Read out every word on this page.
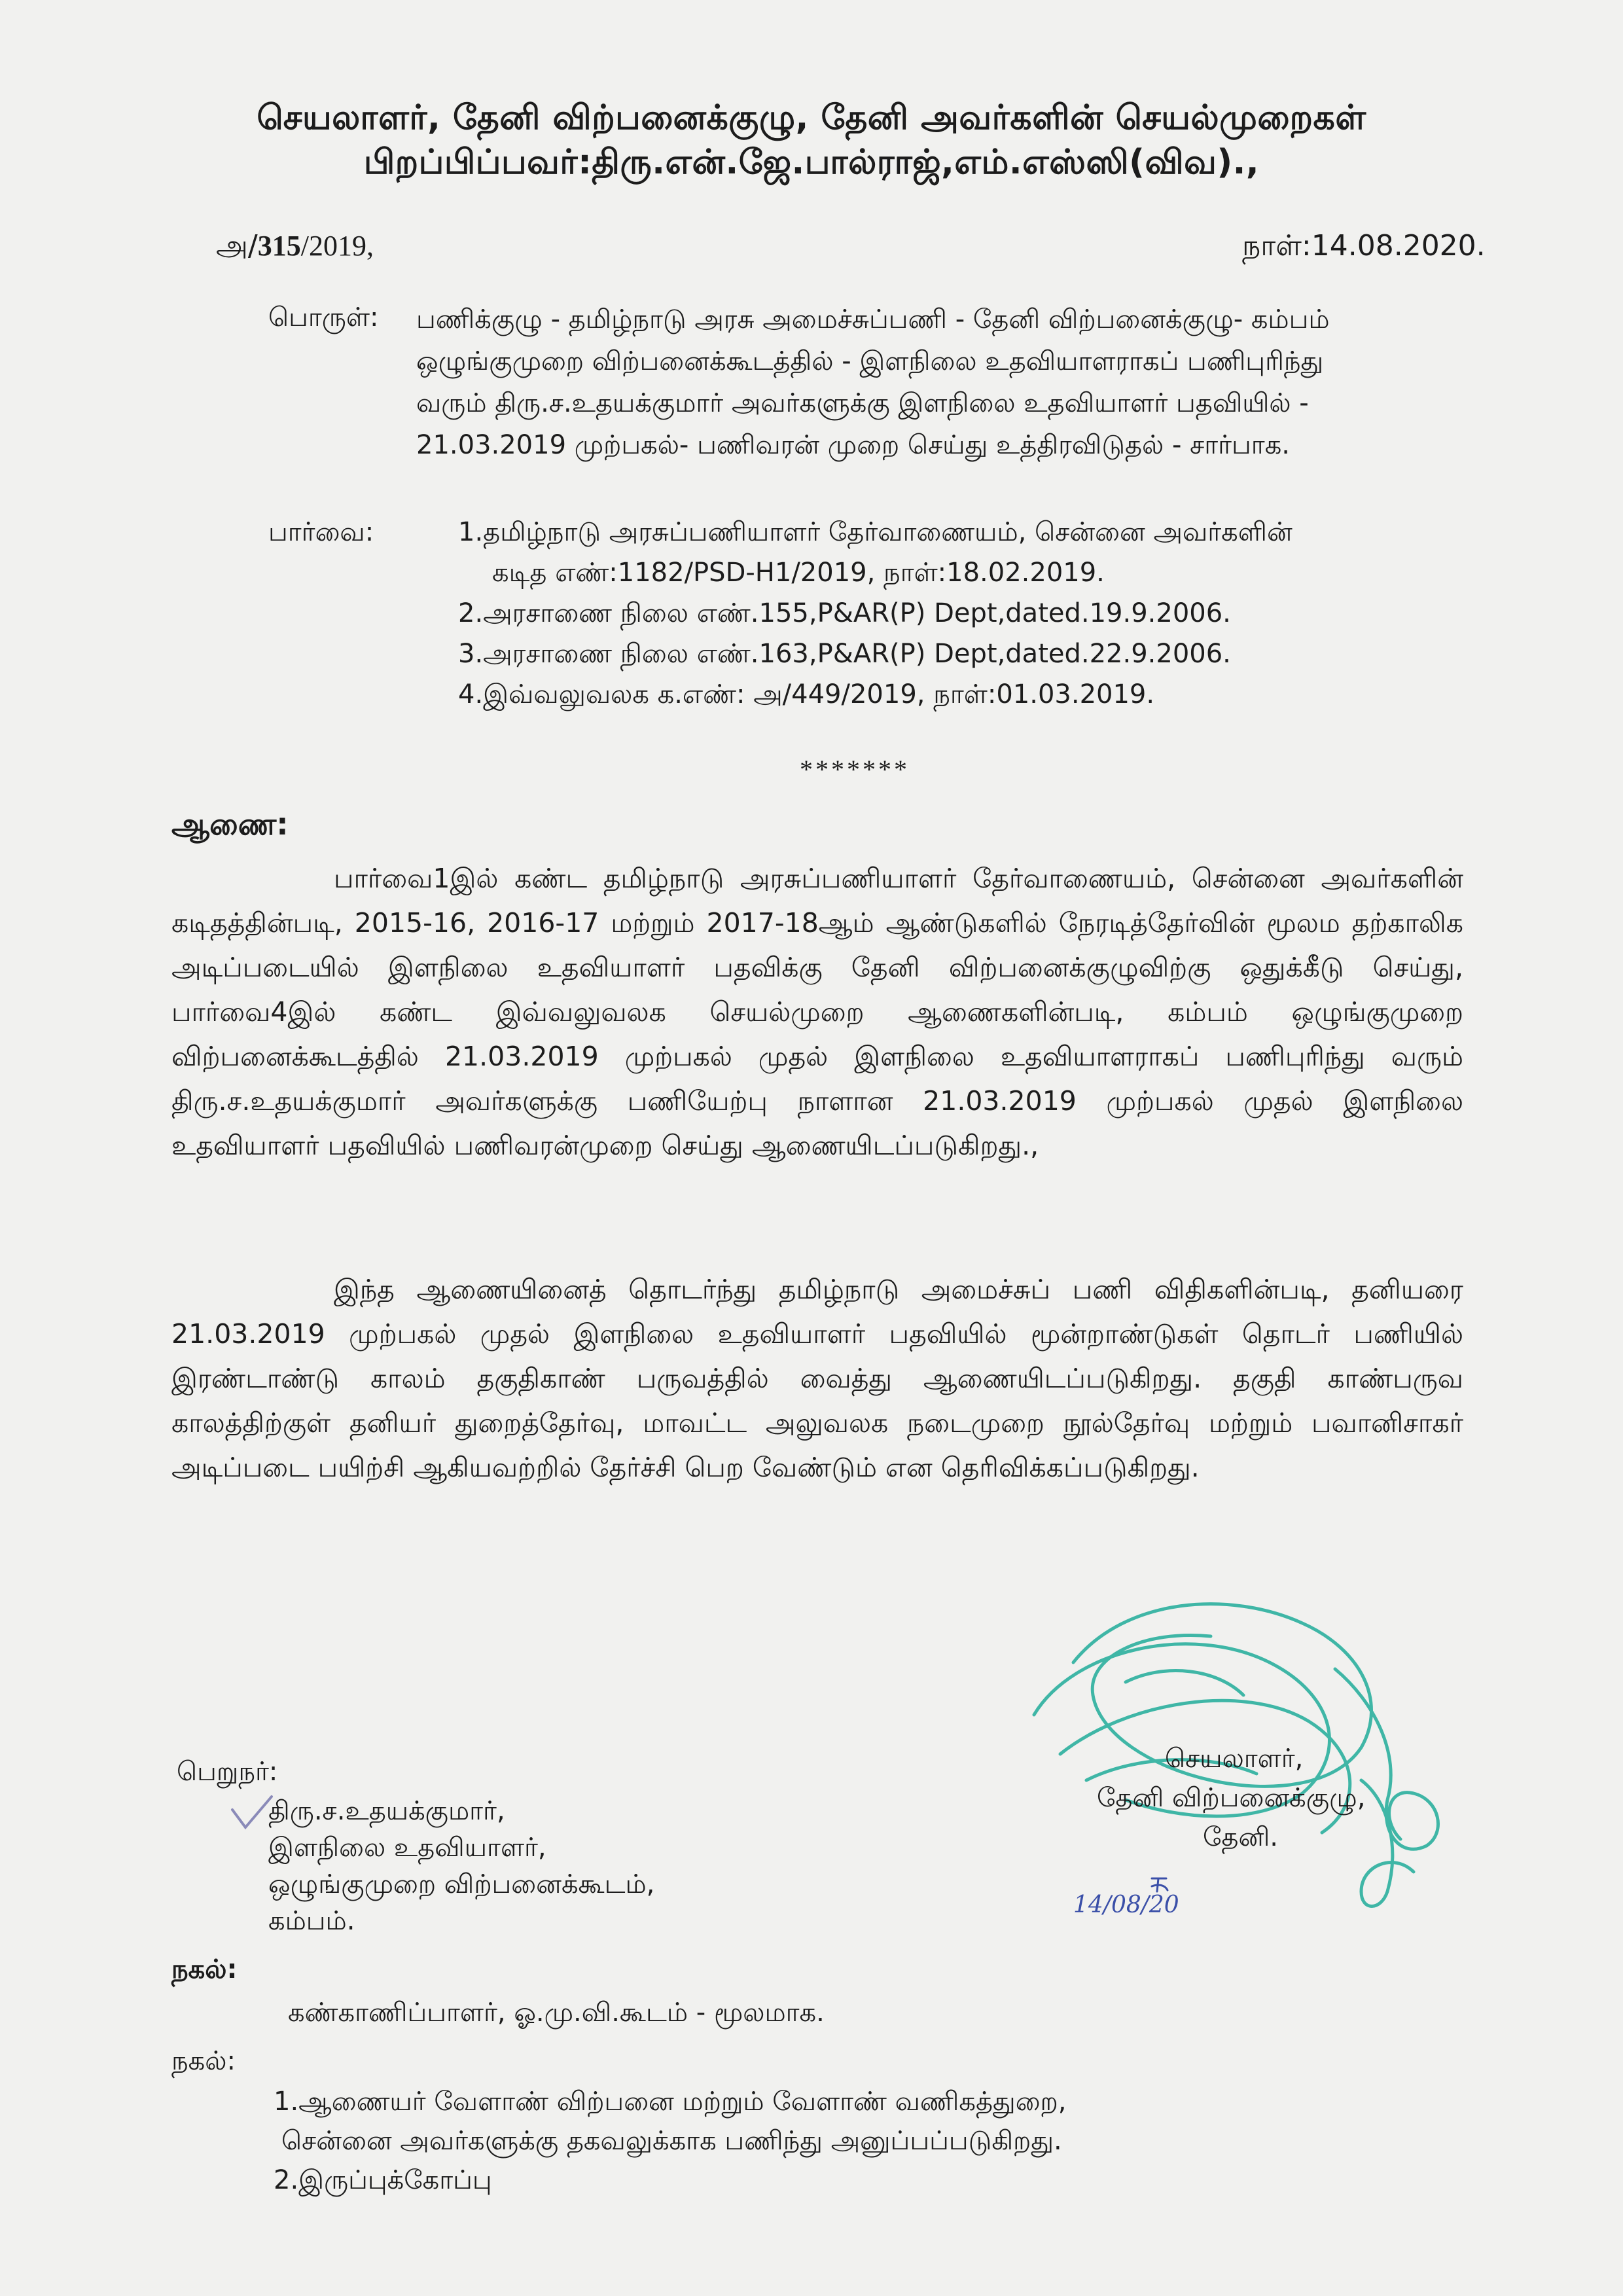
செயலாளர், தேனி விற்பனைக்குழு, தேனி அவர்களின் செயல்முறைகள்
பிறப்பிப்பவர்:திரு.என்.ஜே.பால்ராஜ்,எம்.எஸ்ஸி(விவ).,
அ/315/2019,	நாள்:14.08.2020.
பொருள்: பணிக்குழு - தமிழ்நாடு அரசு அமைச்சுப்பணி - தேனி விற்பனைக்குழு- கம்பம்
ஒழுங்குமுறை விற்பனைக்கூடத்தில் - இளநிலை உதவியாளராகப் பணிபுரிந்து
வரும் திரு.ச.உதயக்குமார் அவர்களுக்கு இளநிலை உதவியாளர் பதவியில் -
21.03.2019 முற்பகல்- பணிவரன் முறை செய்து உத்திரவிடுதல் - சார்பாக.
பார்வை:	1.தமிழ்நாடு அரசுப்பணியாளர் தேர்வாணையம், சென்னை அவர்களின்
கடித எண்:1182/PSD-H1/2019, நாள்:18.02.2019.
2.அரசாணை நிலை எண்.155,P&AR(P) Dept,dated.19.9.2006.
3.அரசாணை நிலை எண்.163,P&AR(P) Dept,dated.22.9.2006.
4.இவ்வலுவலக க.எண்: அ/449/2019, நாள்:01.03.2019.
*******
ஆணை:
பார்வை1இல் கண்ட தமிழ்நாடு அரசுப்பணியாளர் தேர்வாணையம், சென்னை அவர்களின்
கடிதத்தின்படி, 2015-16, 2016-17 மற்றும் 2017-18ஆம் ஆண்டுகளில் நேரடித்தேர்வின் மூலம தற்காலிக
அடிப்படையில் இளநிலை உதவியாளர் பதவிக்கு தேனி விற்பனைக்குழுவிற்கு ஒதுக்கீடு செய்து,
பார்வை4இல் கண்ட இவ்வலுவலக செயல்முறை ஆணைகளின்படி, கம்பம் ஒழுங்குமுறை
விற்பனைக்கூடத்தில் 21.03.2019 முற்பகல் முதல் இளநிலை உதவியாளராகப் பணிபுரிந்து வரும்
திரு.ச.உதயக்குமார் அவர்களுக்கு பணியேற்பு நாளான 21.03.2019 முற்பகல் முதல் இளநிலை
உதவியாளர் பதவியில் பணிவரன்முறை செய்து ஆணையிடப்படுகிறது.,
இந்த ஆணையினைத் தொடர்ந்து தமிழ்நாடு அமைச்சுப் பணி விதிகளின்படி, தனியரை
21.03.2019 முற்பகல் முதல் இளநிலை உதவியாளர் பதவியில் மூன்றாண்டுகள் தொடர் பணியில்
இரண்டாண்டு காலம் தகுதிகாண் பருவத்தில் வைத்து ஆணையிடப்படுகிறது. தகுதி காண்பருவ
காலத்திற்குள் தனியர் துறைத்தேர்வு, மாவட்ட அலுவலக நடைமுறை நூல்தேர்வு மற்றும் பவானிசாகர்
அடிப்படை பயிற்சி ஆகியவற்றில் தேர்ச்சி பெற வேண்டும் என தெரிவிக்கப்படுகிறது.
செயலாளர்,
தேனி விற்பனைக்குழு,
தேனி.
14/08/20
பெறுநர்:
திரு.ச.உதயக்குமார்,
இளநிலை உதவியாளர்,
ஒழுங்குமுறை விற்பனைக்கூடம்,
கம்பம்.
நகல்:
கண்காணிப்பாளர், ஓ.மு.வி.கூடம் - மூலமாக.
நகல்:
1.ஆணையர் வேளாண் விற்பனை மற்றும் வேளாண் வணிகத்துறை,
சென்னை அவர்களுக்கு தகவலுக்காக பணிந்து அனுப்பப்படுகிறது.
2.இருப்புக்கோப்பு
